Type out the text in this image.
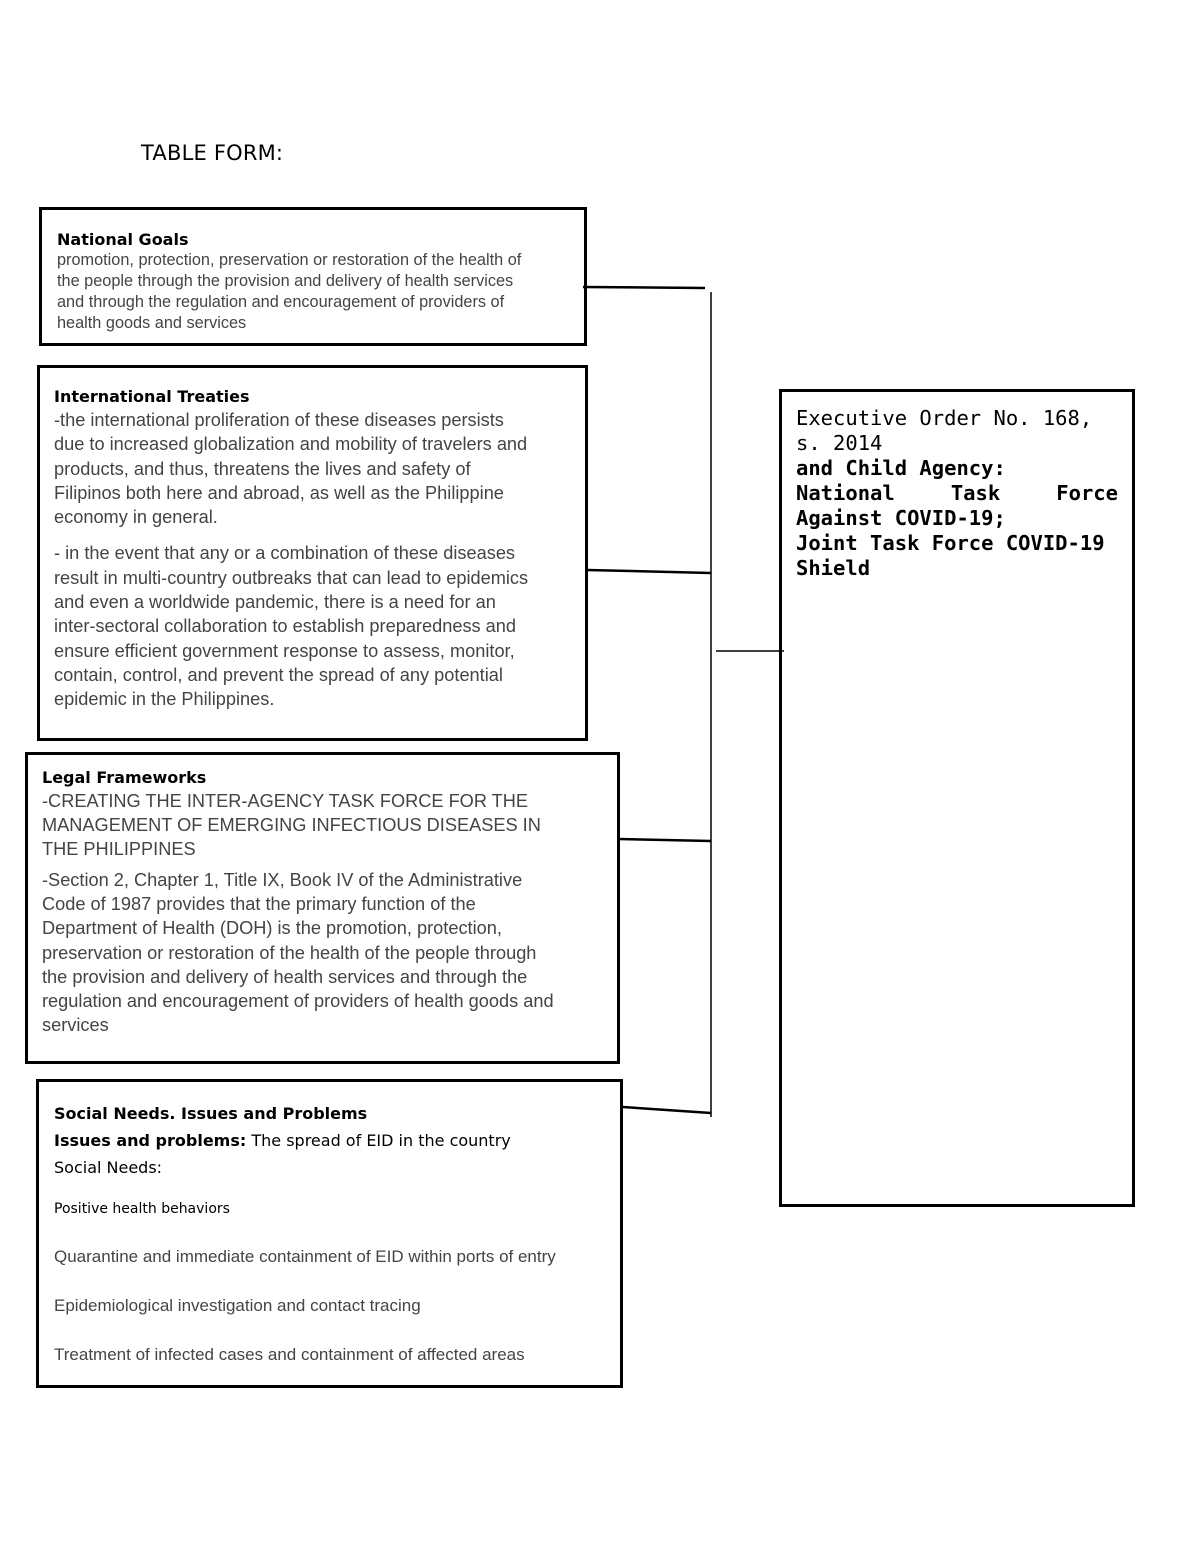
TABLE FORM:
National Goals
promotion, protection, preservation or restoration of the health of
the people through the provision and delivery of health services
and through the regulation and encouragement of providers of
health goods and services
International Treaties
-the international proliferation of these diseases persists
due to increased globalization and mobility of travelers and
products, and thus, threatens the lives and safety of
Filipinos both here and abroad, as well as the Philippine
economy in general.
- in the event that any or a combination of these diseases
result in multi-country outbreaks that can lead to epidemics
and even a worldwide pandemic, there is a need for an
inter-sectoral collaboration to establish preparedness and
ensure efficient government response to assess, monitor,
contain, control, and prevent the spread of any potential
epidemic in the Philippines.
Legal Frameworks
-CREATING THE INTER-AGENCY TASK FORCE FOR THE
MANAGEMENT OF EMERGING INFECTIOUS DISEASES IN
THE PHILIPPINES
-Section 2, Chapter 1, Title IX, Book IV of the Administrative
Code of 1987 provides that the primary function of the
Department of Health (DOH) is the promotion, protection,
preservation or restoration of the health of the people through
the provision and delivery of health services and through the
regulation and encouragement of providers of health goods and
services
Social Needs. Issues and Problems
Issues and problems: The spread of EID in the country
Social Needs:
Positive health behaviors
Quarantine and immediate containment of EID within ports of entry
Epidemiological investigation and contact tracing
Treatment of infected cases and containment of affected areas
Executive Order No. 168,
s. 2014
and Child Agency:
National	Task	Force
Against COVID-19;
Joint Task Force COVID-19
Shield
